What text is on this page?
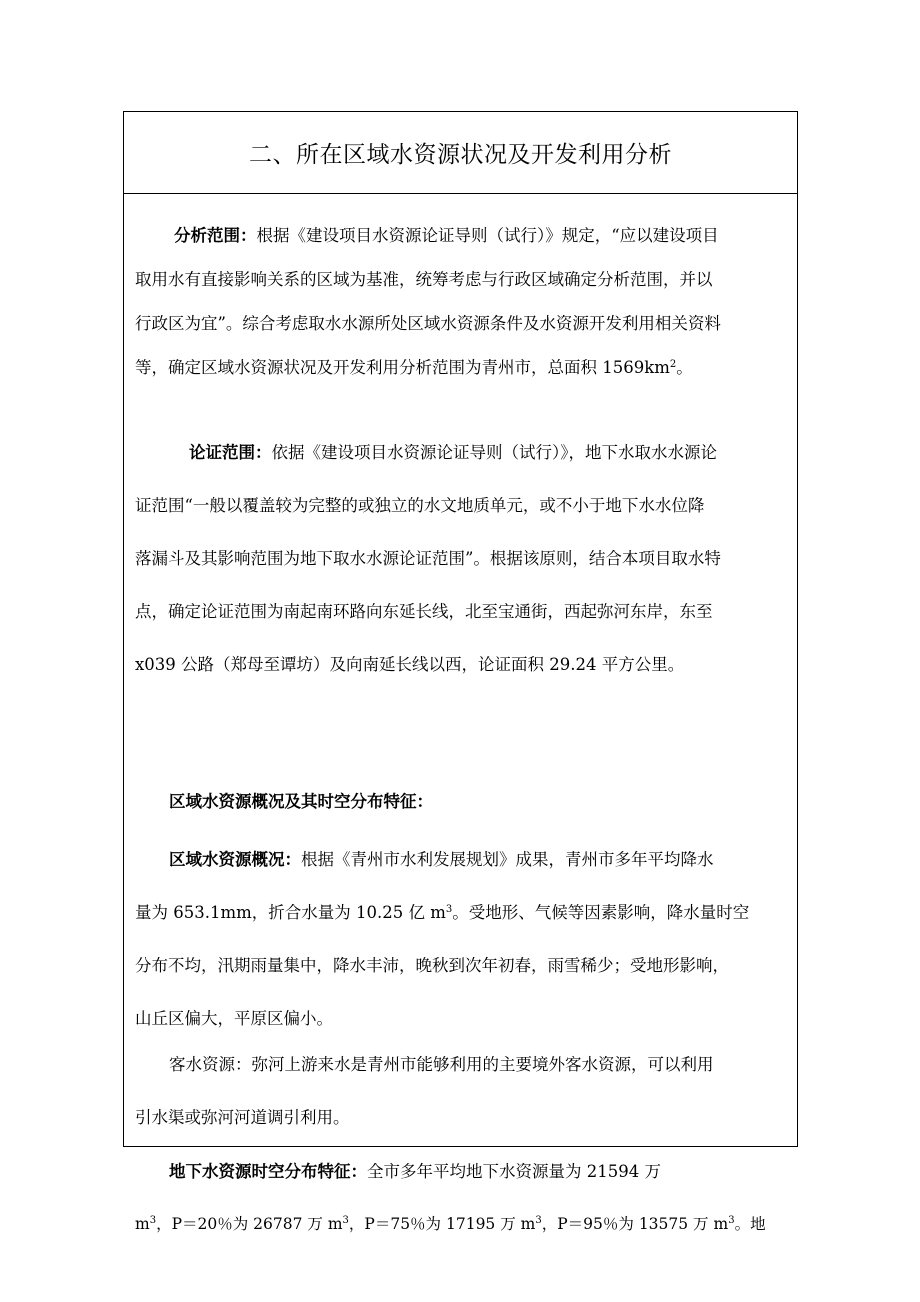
二、所在区域水资源状况及开发利用分析

分析范围：根据《建设项目水资源论证导则（试行）》规定，“应以建设项目

取用水有直接影响关系的区域为基准，统筹考虑与行政区域确定分析范围，并以

行政区为宜”。综合考虑取水水源所处区域水资源条件及水资源开发利用相关资料

等，确定区域水资源状况及开发利用分析范围为青州市，总面积 $1569km^2$。

论证范围：依据《建设项目水资源论证导则（试行）》，地下水取水水源论

证范围“一般以覆盖较为完整的或独立的水文地质单元，或不小于地下水水位降

落漏斗及其影响范围为地下取水水源论证范围”。根据该原则，结合本项目取水特

点，确定论证范围为南起南环路向东延长线，北至宝通街，西起弥河东岸，东至

x039 公路（郑母至谭坊）及向南延长线以西，论证面积 29.24 平方公里。

区域水资源概况及其时空分布特征：

区域水资源概况：根据《青州市水利发展规划》成果，青州市多年平均降水

量为 653.1mm，折合水量为 10.25 亿 $m^3$。受地形、气候等因素影响，降水量时空

分布不均，汛期雨量集中，降水丰沛，晚秋到次年初春，雨雪稀少；受地形影响，

山丘区偏大，平原区偏小。

客水资源：弥河上游来水是青州市能够利用的主要境外客水资源，可以利用

引水渠或弥河河道调引利用。

地下水资源时空分布特征：全市多年平均地下水资源量为 21594 万

$m^3$，P＝20％为 26787 万 $m^3$，P＝75％为 17195 万 $m^3$，P＝95％为 13575 万 $m^3$。地
